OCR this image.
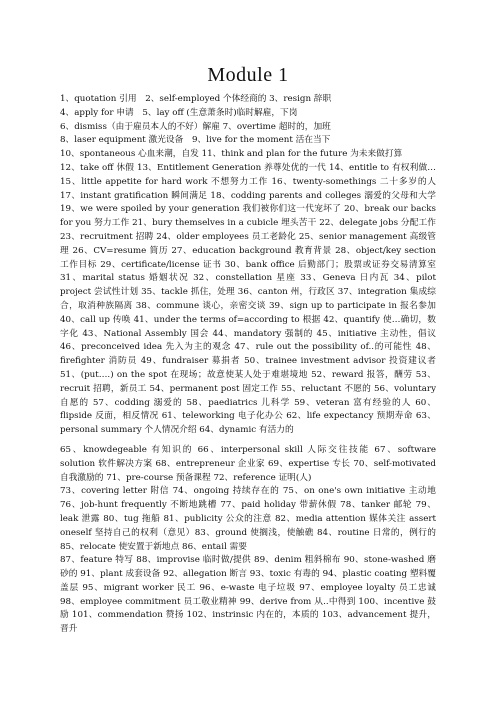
Module 1
1、quotation 引用　2、self-employed 个体经商的 3、resign 辞职
4、apply for 申请　5、lay off (生意萧条时)临时解雇，下岗
6、dismiss（由于雇员本人的不好）解雇 7、overtime 超时的，加班
8、laser equipment 激光设备　9、live for the moment 活在当下
10、spontaneous 心血来潮，自发 11、think and plan for the future 为未来做打算
12、take off 休假 13、Entitlement Generation 养尊处优的一代 14、entitle to 有权利做…15、little appetite for hard work 不想努力工作 16、twenty-somethings 二十多岁的人 17、instant gratification 瞬间满足 18、codding parents and colleges 溺爱的父母和大学 19、we were spoiled by your generation 我们被你们这一代宠坏了 20、break our backs for you 努力工作 21、bury themselves in a cubicle 埋头苦干 22、delegate jobs 分配工作 23、recruitment 招聘 24、older employees 员工老龄化 25、senior management 高级管理 26、CV=resume 简历 27、education background 教育背景 28、object/key section 工作目标 29、certificate/license 证书 30、bank office 后勤部门；股票或证券交易清算室 31、marital status 婚姻状况 32、constellation 星座 33、Geneva 日内瓦 34、pilot project 尝试性计划 35、tackle 抓住，处理 36、canton 州，行政区 37、integration 集成综合，取消种族隔离 38、commune 谈心，亲密交谈 39、sign up to participate in 报名参加 40、call up 传唤 41、under the terms of=according to 根据 42、quantify 使…确切，数字化 43、National Assembly 国会 44、mandatory 强制的 45、initiative 主动性，倡议 46、preconceived idea 先入为主的观念 47、rule out the possibility of..的可能性 48、firefighter 消防员 49、fundraiser 募捐者 50、trainee investment advisor 投资建议者 51、(put….) on the spot 在现场；故意使某人处于难堪境地 52、reward 报答，酬劳 53、recruit 招聘，新员工 54、permanent post 固定工作 55、reluctant 不愿的 56、voluntary 自愿的 57、codding 溺爱的 58、paediatrics 儿科学 59、veteran 富有经验的人 60、flipside 反面，相反情况 61、teleworking 电子化办公 62、life expectancy 预期寿命 63、personal summary 个人情况介绍 64、dynamic 有活力的
65、knowdegeable 有知识的 66、interpersonal skill 人际交往技能 67、software solution 软件解决方案 68、entrepreneur 企业家 69、expertise 专长 70、self-motivated 自我激励的 71、pre-course 预备课程 72、reference 证明(人)
73、covering letter 附信 74、ongoing 持续存在的 75、on one's own initiative 主动地 76、job-hunt frequently 不断地跳槽 77、paid holiday 带薪休假 78、tanker 邮轮 79、leak 泄露 80、tug 拖船 81、publicity 公众的注意 82、media attention 媒体关注 assert oneself 坚持自己的权利（意见）83、ground 使搁浅，使触礁 84、routine 日常的，例行的 85、relocate 使安置于新地点 86、entail 需要
87、feature 特写 88、improvise 临时做/提供 89、denim 粗斜棉布 90、stone-washed 磨砂的 91、plant 成套设备 92、allegation 断言 93、toxic 有毒的 94、plastic coating 塑料覆盖层 95、migrant worker 民工 96、e-waste 电子垃圾 97、employee loyalty 员工忠诚 98、employee commitment 员工敬业精神 99、derive from 从..中得到 100、incentive 鼓励 101、commendation 赞扬 102、instrinsic 内在的，本质的 103、advancement 提升，晋升
